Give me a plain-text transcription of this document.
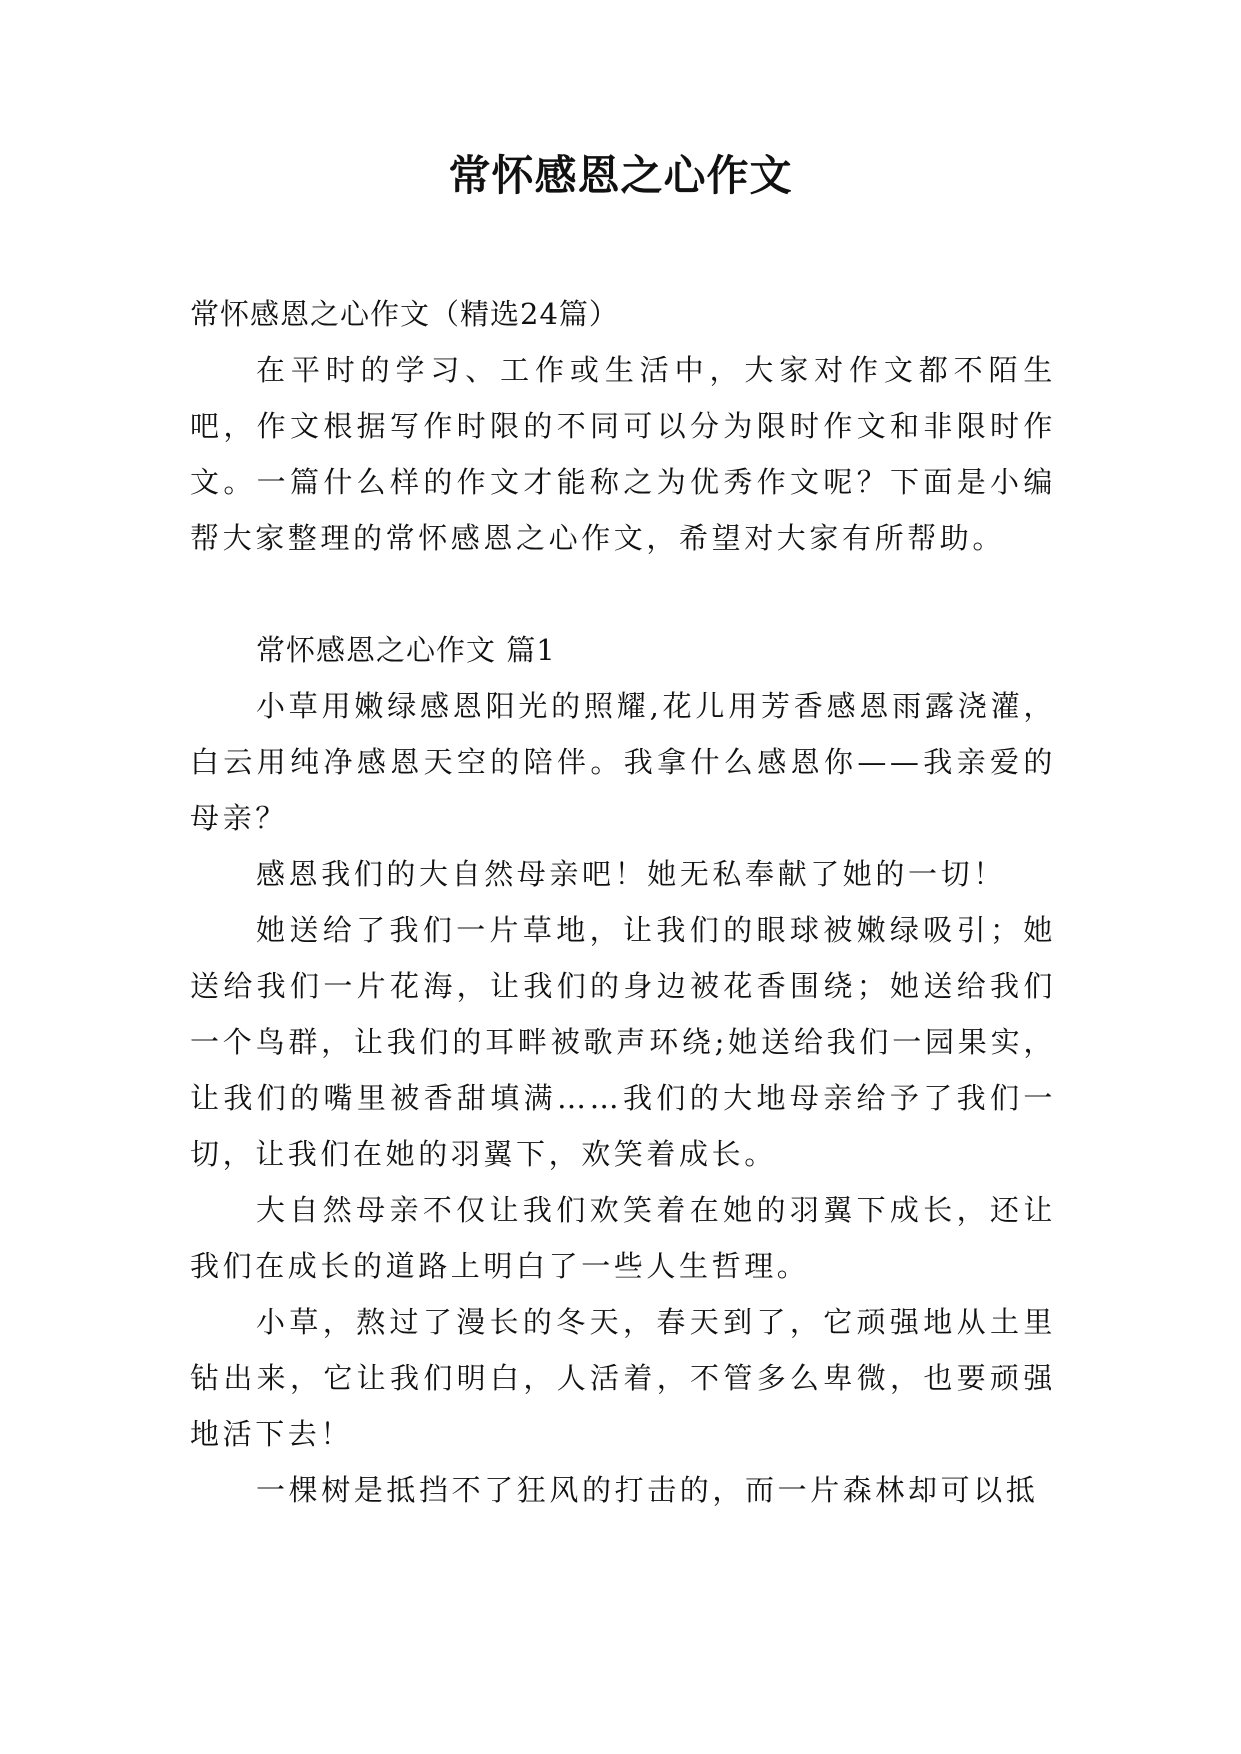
常怀感恩之心作文

常怀感恩之心作文（精选24篇）

在平时的学习、工作或生活中，大家对作文都不陌生吧，作文根据写作时限的不同可以分为限时作文和非限时作文。一篇什么样的作文才能称之为优秀作文呢？下面是小编帮大家整理的常怀感恩之心作文，希望对大家有所帮助。

常怀感恩之心作文 篇1

小草用嫩绿感恩阳光的照耀,花儿用芳香感恩雨露浇灌，白云用纯净感恩天空的陪伴。我拿什么感恩你——我亲爱的母亲？

感恩我们的大自然母亲吧！她无私奉献了她的一切！

她送给了我们一片草地，让我们的眼球被嫩绿吸引；她送给我们一片花海，让我们的身边被花香围绕；她送给我们一个鸟群，让我们的耳畔被歌声环绕;她送给我们一园果实，让我们的嘴里被香甜填满……我们的大地母亲给予了我们一切，让我们在她的羽翼下，欢笑着成长。

大自然母亲不仅让我们欢笑着在她的羽翼下成长，还让我们在成长的道路上明白了一些人生哲理。

小草，熬过了漫长的冬天，春天到了，它顽强地从土里钻出来，它让我们明白，人活着，不管多么卑微，也要顽强地活下去！

一棵树是抵挡不了狂风的打击的，而一片森林却可以抵
